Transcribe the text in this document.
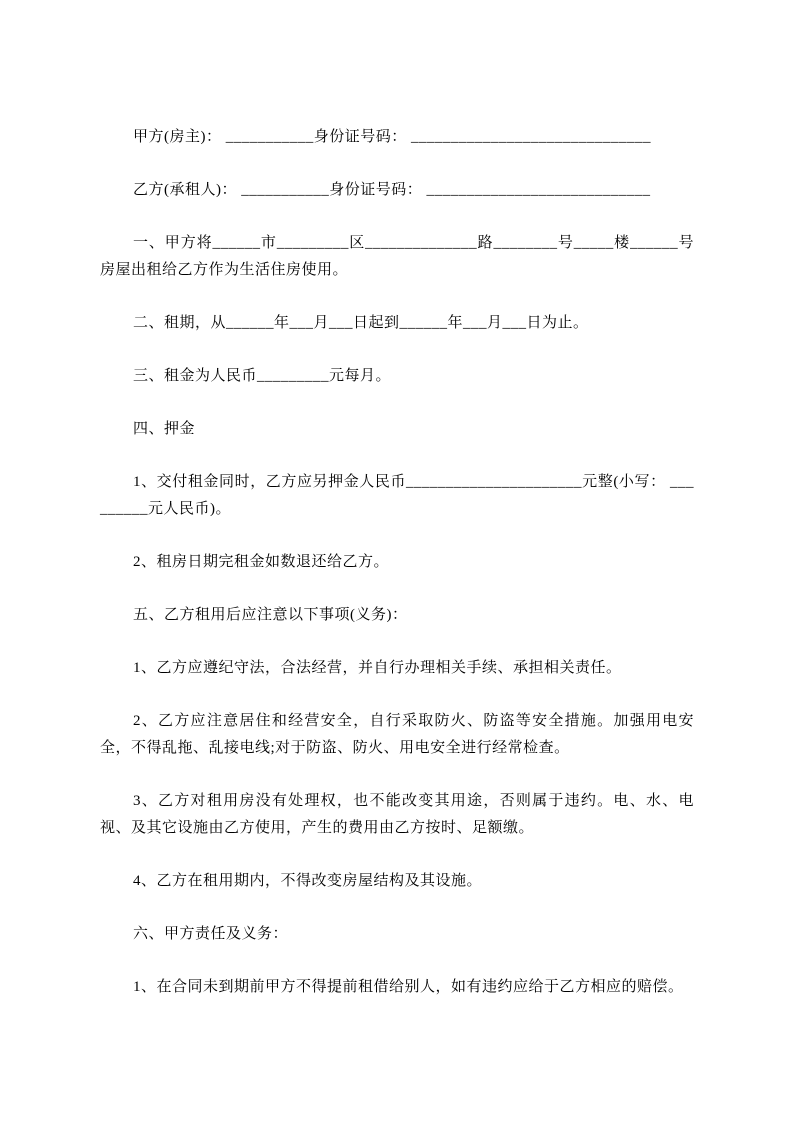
甲方(房主)： ___________身份证号码： ______________________________

乙方(承租人)： ___________身份证号码： ____________________________

一、甲方将______市_________区______________路________号_____楼______号房屋出租给乙方作为生活住房使用。

二、租期，从______年___月___日起到______年___月___日为止。

三、租金为人民币_________元每月。

四、押金

1、交付租金同时，乙方应另押金人民币______________________元整(小写： _________元人民币)。

2、租房日期完租金如数退还给乙方。

五、乙方租用后应注意以下事项(义务)：

1、乙方应遵纪守法，合法经营，并自行办理相关手续、承担相关责任。

2、乙方应注意居住和经营安全，自行采取防火、防盗等安全措施。加强用电安全，不得乱拖、乱接电线;对于防盗、防火、用电安全进行经常检查。

3、乙方对租用房没有处理权，也不能改变其用途，否则属于违约。电、水、电视、及其它设施由乙方使用，产生的费用由乙方按时、足额缴。

4、乙方在租用期内，不得改变房屋结构及其设施。

六、甲方责任及义务：

1、在合同未到期前甲方不得提前租借给别人，如有违约应给于乙方相应的赔偿。
